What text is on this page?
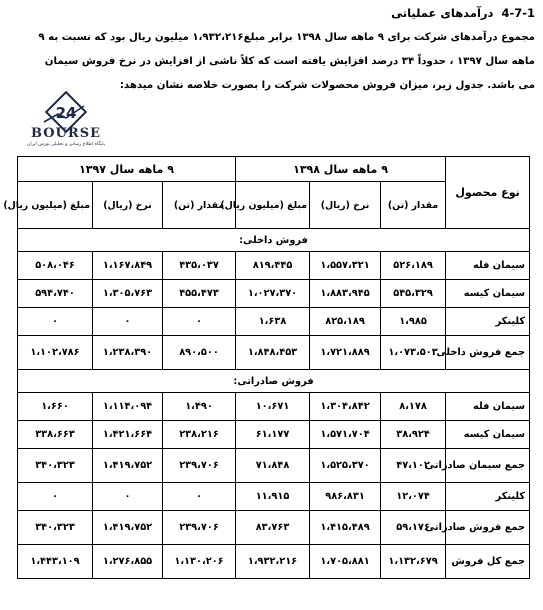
4-7-1 درآمدهای عملیاتی
مجموع درآمدهای شرکت برای ۹ ماهه سال ۱۳۹۸ برابر مبلغ۱،۹۳۲،۲۱۶ میلیون ریال بود که نسبت به ۹
ماهه سال ۱۳۹۷ ، حدوداً ۳۴ درصد افزایش یافته است که کلاً ناشی از افزایش در نرخ فروش سیمان
می باشد. جدول زیر، میزان فروش محصولات شرکت را بصورت خلاصه نشان میدهد:
24
BOURSE
پایگاه اطلاع رسانی و تحلیلی بورس ایران
نوع محصول	۹ ماهه سال ۱۳۹۸			۹ ماهه سال ۱۳۹۷		
	مقدار (تن)	نرخ (ریال)	مبلغ (میلیون ریال)	مقدار (تن)	نرخ (ریال)	مبلغ (میلیون ریال)
فروش داخلی:						
سیمان فله	۵۲۶،۱۸۹	۱،۵۵۷،۳۲۱	۸۱۹،۴۴۵	۴۳۵،۰۳۷	۱،۱۶۷،۸۴۹	۵۰۸،۰۴۶
سیمان کیسه	۵۴۵،۳۲۹	۱،۸۸۳،۹۴۵	۱،۰۲۷،۳۷۰	۴۵۵،۴۷۳	۱،۳۰۵،۷۶۳	۵۹۴،۷۴۰
کلینکر	۱،۹۸۵	۸۲۵،۱۸۹	۱،۶۳۸	۰	۰	۰
جمع فروش داخلی	۱،۰۷۳،۵۰۳	۱،۷۲۱،۸۸۹	۱،۸۴۸،۴۵۳	۸۹۰،۵۰۰	۱،۲۳۸،۳۹۰	۱،۱۰۲،۷۸۶
فروش صادراتی:						
سیمان فله	۸،۱۷۸	۱،۳۰۴،۸۴۲	۱۰،۶۷۱	۱،۴۹۰	۱،۱۱۴،۰۹۴	۱،۶۶۰
سیمان کیسه	۳۸،۹۲۴	۱،۵۷۱،۷۰۴	۶۱،۱۷۷	۲۳۸،۲۱۶	۱،۴۲۱،۶۶۴	۳۳۸،۶۶۳
جمع سیمان صادراتی	۴۷،۱۰۲	۱،۵۲۵،۳۷۰	۷۱،۸۴۸	۲۳۹،۷۰۶	۱،۴۱۹،۷۵۲	۳۴۰،۳۲۳
کلینکر	۱۲،۰۷۴	۹۸۶،۸۳۱	۱۱،۹۱۵	۰	۰	۰
جمع فروش صادراتی	۵۹،۱۷۶	۱،۴۱۵،۴۸۹	۸۳،۷۶۳	۲۳۹،۷۰۶	۱،۴۱۹،۷۵۲	۳۴۰،۳۲۳
جمع کل فروش	۱،۱۳۲،۶۷۹	۱،۷۰۵،۸۸۱	۱،۹۳۲،۲۱۶	۱،۱۳۰،۲۰۶	۱،۲۷۶،۸۵۵	۱،۴۴۳،۱۰۹
